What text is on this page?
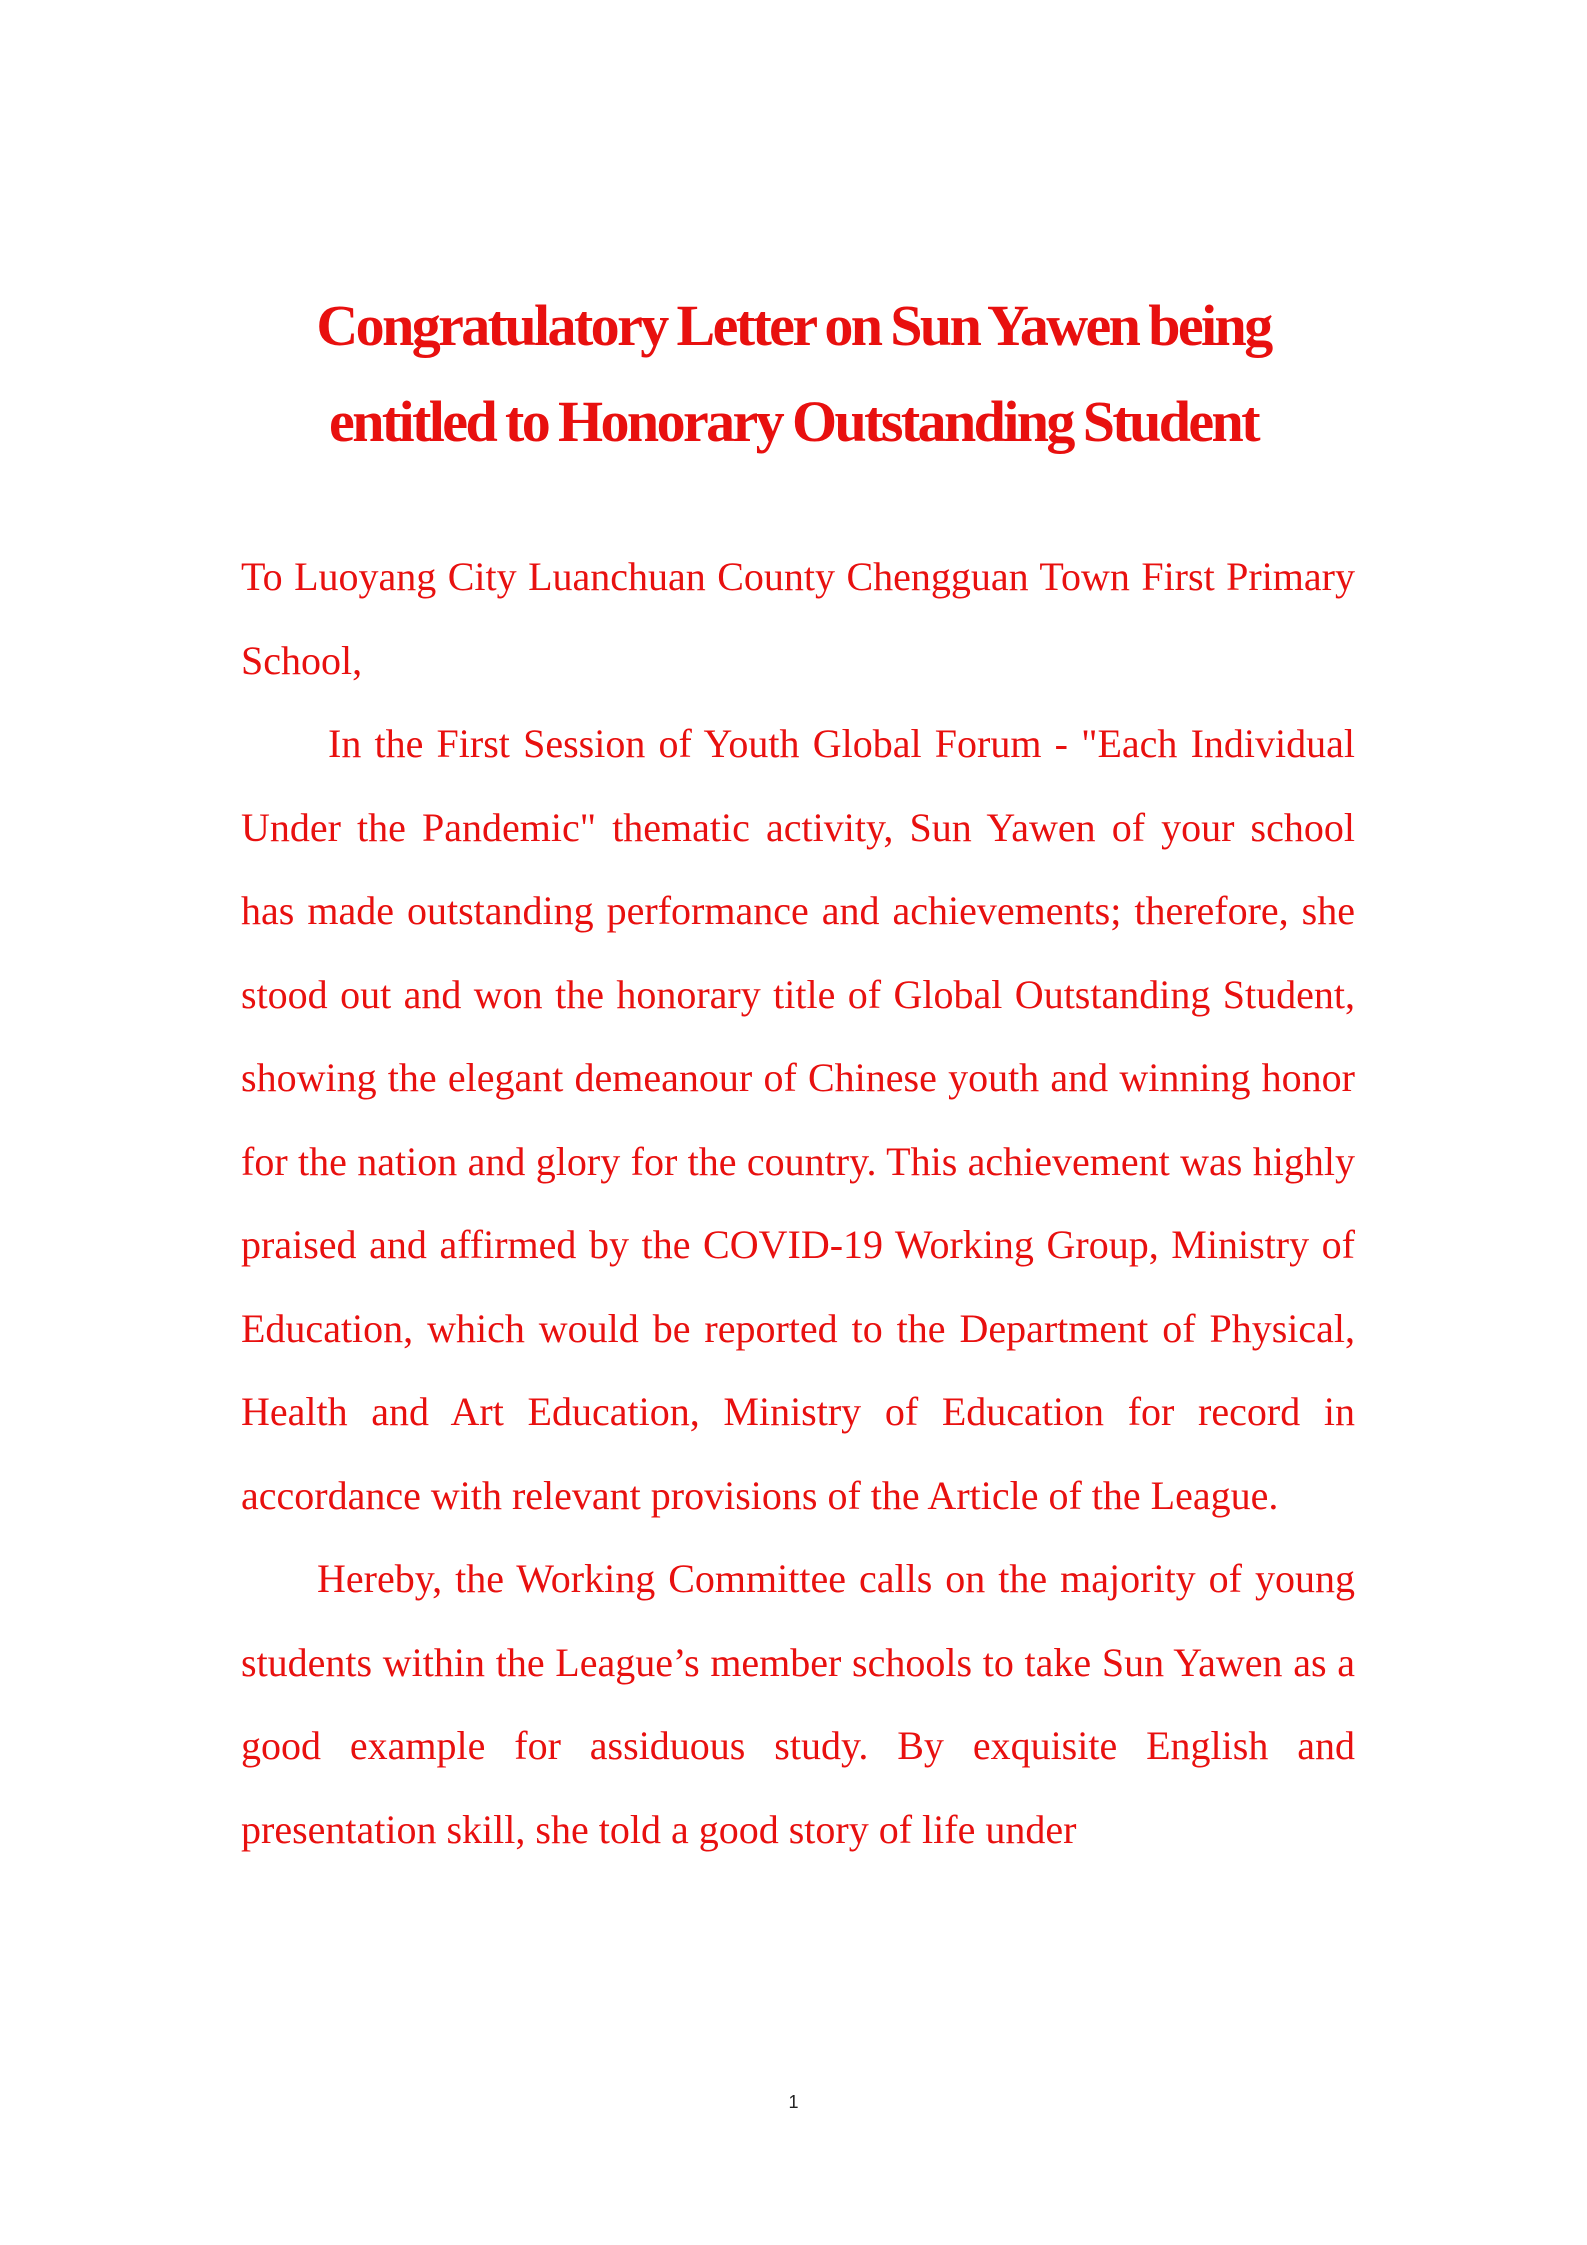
Congratulatory Letter on Sun Yawen being
entitled to Honorary Outstanding Student

To Luoyang City Luanchuan County Chengguan Town First Primary School,

In the First Session of Youth Global Forum - "Each Individual Under the Pandemic" thematic activity, Sun Yawen of your school has made outstanding performance and achievements; therefore, she stood out and won the honorary title of Global Outstanding Student, showing the elegant demeanour of Chinese youth and winning honor for the nation and glory for the country. This achievement was highly praised and affirmed by the COVID-19 Working Group, Ministry of Education, which would be reported to the Department of Physical, Health and Art Education, Ministry of Education for record in accordance with relevant provisions of the Article of the League.

Hereby, the Working Committee calls on the majority of young students within the League’s member schools to take Sun Yawen as a good example for assiduous study. By exquisite English and presentation skill, she told a good story of life under

1
